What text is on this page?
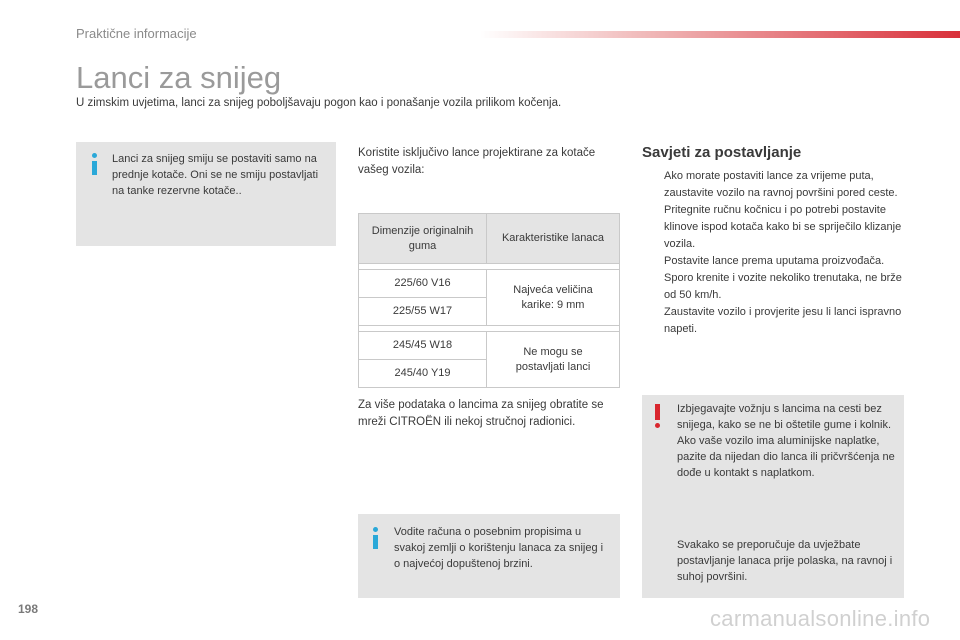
Praktične informacije
Lanci za snijeg

U zimskim uvjetima, lanci za snijeg poboljšavaju pogon kao i ponašanje vozila prilikom kočenja.

Lanci za snijeg smiju se postaviti samo na prednje kotače. Oni se ne smiju postavljati na tanke rezervne kotače..

Koristite isključivo lance projektirane za kotače vašeg vozila:

Dimenzije originalnih guma	Karakteristike lanaca

225/60 V16	Najveća veličina karike: 9 mm
225/55 W17	

245/45 W18	Ne mogu se postavljati lanci
245/40 Y19	

Za više podataka o lancima za snijeg obratite se mreži CITROËN ili nekoj stručnoj radionici.

Vodite računa o posebnim propisima u svakoj zemlji o korištenju lanaca za snijeg i o najvećoj dopuštenoj brzini.

Savjeti za postavljanje
Ako morate postaviti lance za vrijeme puta, zaustavite vozilo na ravnoj površini pored ceste.
Pritegnite ručnu kočnicu i po potrebi postavite klinove ispod kotača kako bi se spriječilo klizanje vozila.
Postavite lance prema uputama proizvođača.
Sporo krenite i vozite nekoliko trenutaka, ne brže od 50 km/h.
Zaustavite vozilo i provjerite jesu li lanci ispravno napeti.

Izbjegavajte vožnju s lancima na cesti bez snijega, kako se ne bi oštetile gume i kolnik. Ako vaše vozilo ima aluminijske naplatke, pazite da nijedan dio lanca ili pričvršćenja ne dođe u kontakt s naplatkom.

Svakako se preporučuje da uvježbate postavljanje lanaca prije polaska, na ravnoj i suhoj površini.

198	carmanualsonline.info
